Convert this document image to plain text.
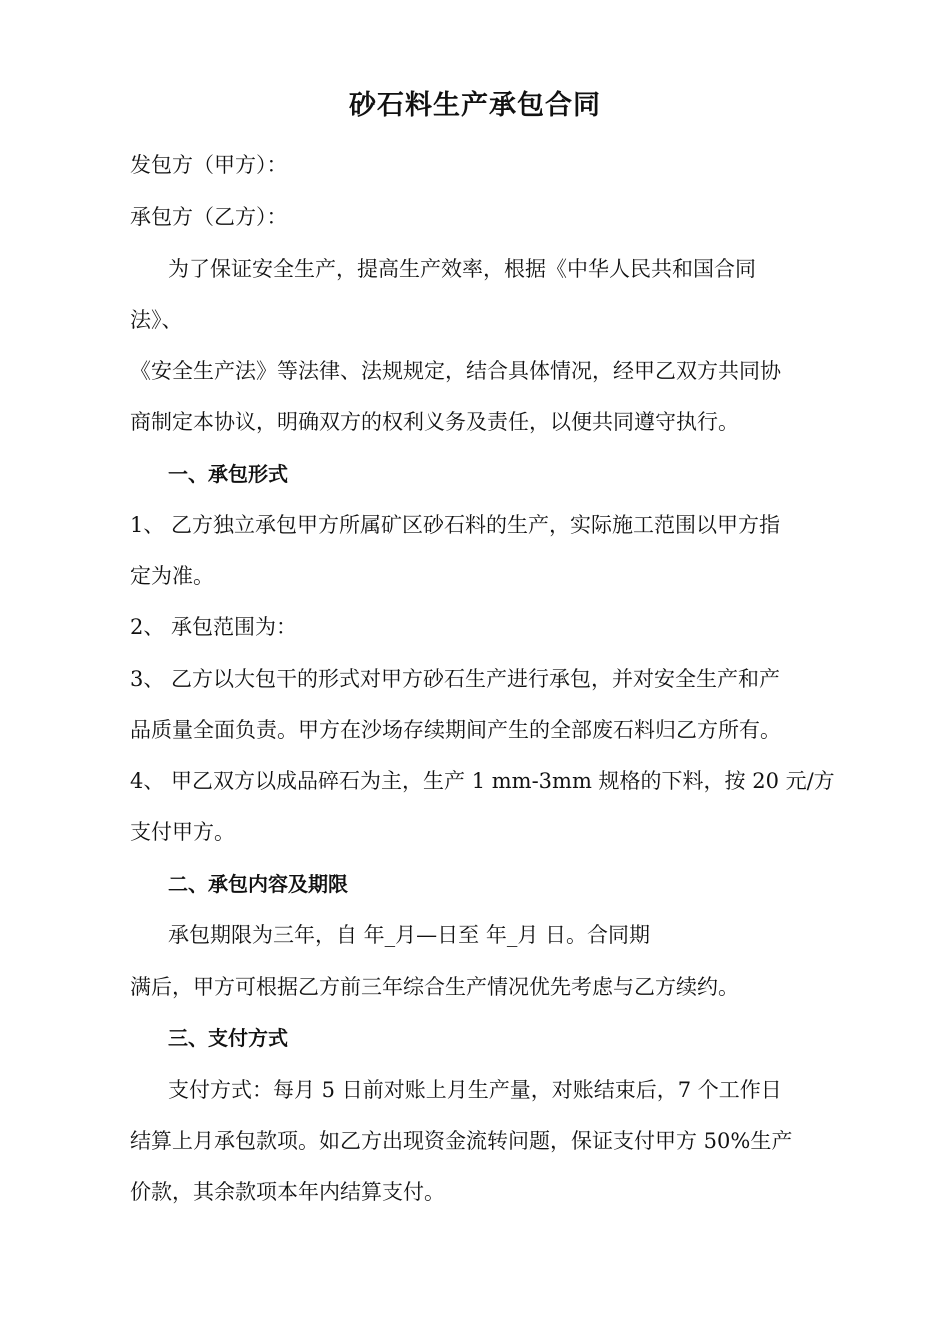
砂石料生产承包合同
发包方（甲方）：
承包方（乙方）：
为了保证安全生产，提高生产效率，根据《中华人民共和国合同
法》、
《安全生产法》等法律、法规规定，结合具体情况，经甲乙双方共同协
商制定本协议，明确双方的权利义务及责任，以便共同遵守执行。
一、承包形式
1、 乙方独立承包甲方所属矿区砂石料的生产，实际施工范围以甲方指
定为准。
2、 承包范围为：
3、 乙方以大包干的形式对甲方砂石生产进行承包，并对安全生产和产
品质量全面负责。甲方在沙场存续期间产生的全部废石料归乙方所有。
4、 甲乙双方以成品碎石为主，生产 1 mm-3mm 规格的下料，按 20 元/方
支付甲方。
二、承包内容及期限
承包期限为三年，自 年_月—日至 年_月 日。合同期
满后，甲方可根据乙方前三年综合生产情况优先考虑与乙方续约。
三、支付方式
支付方式：每月 5 日前对账上月生产量，对账结束后，7 个工作日
结算上月承包款项。如乙方出现资金流转问题，保证支付甲方 50%生产
价款，其余款项本年内结算支付。
